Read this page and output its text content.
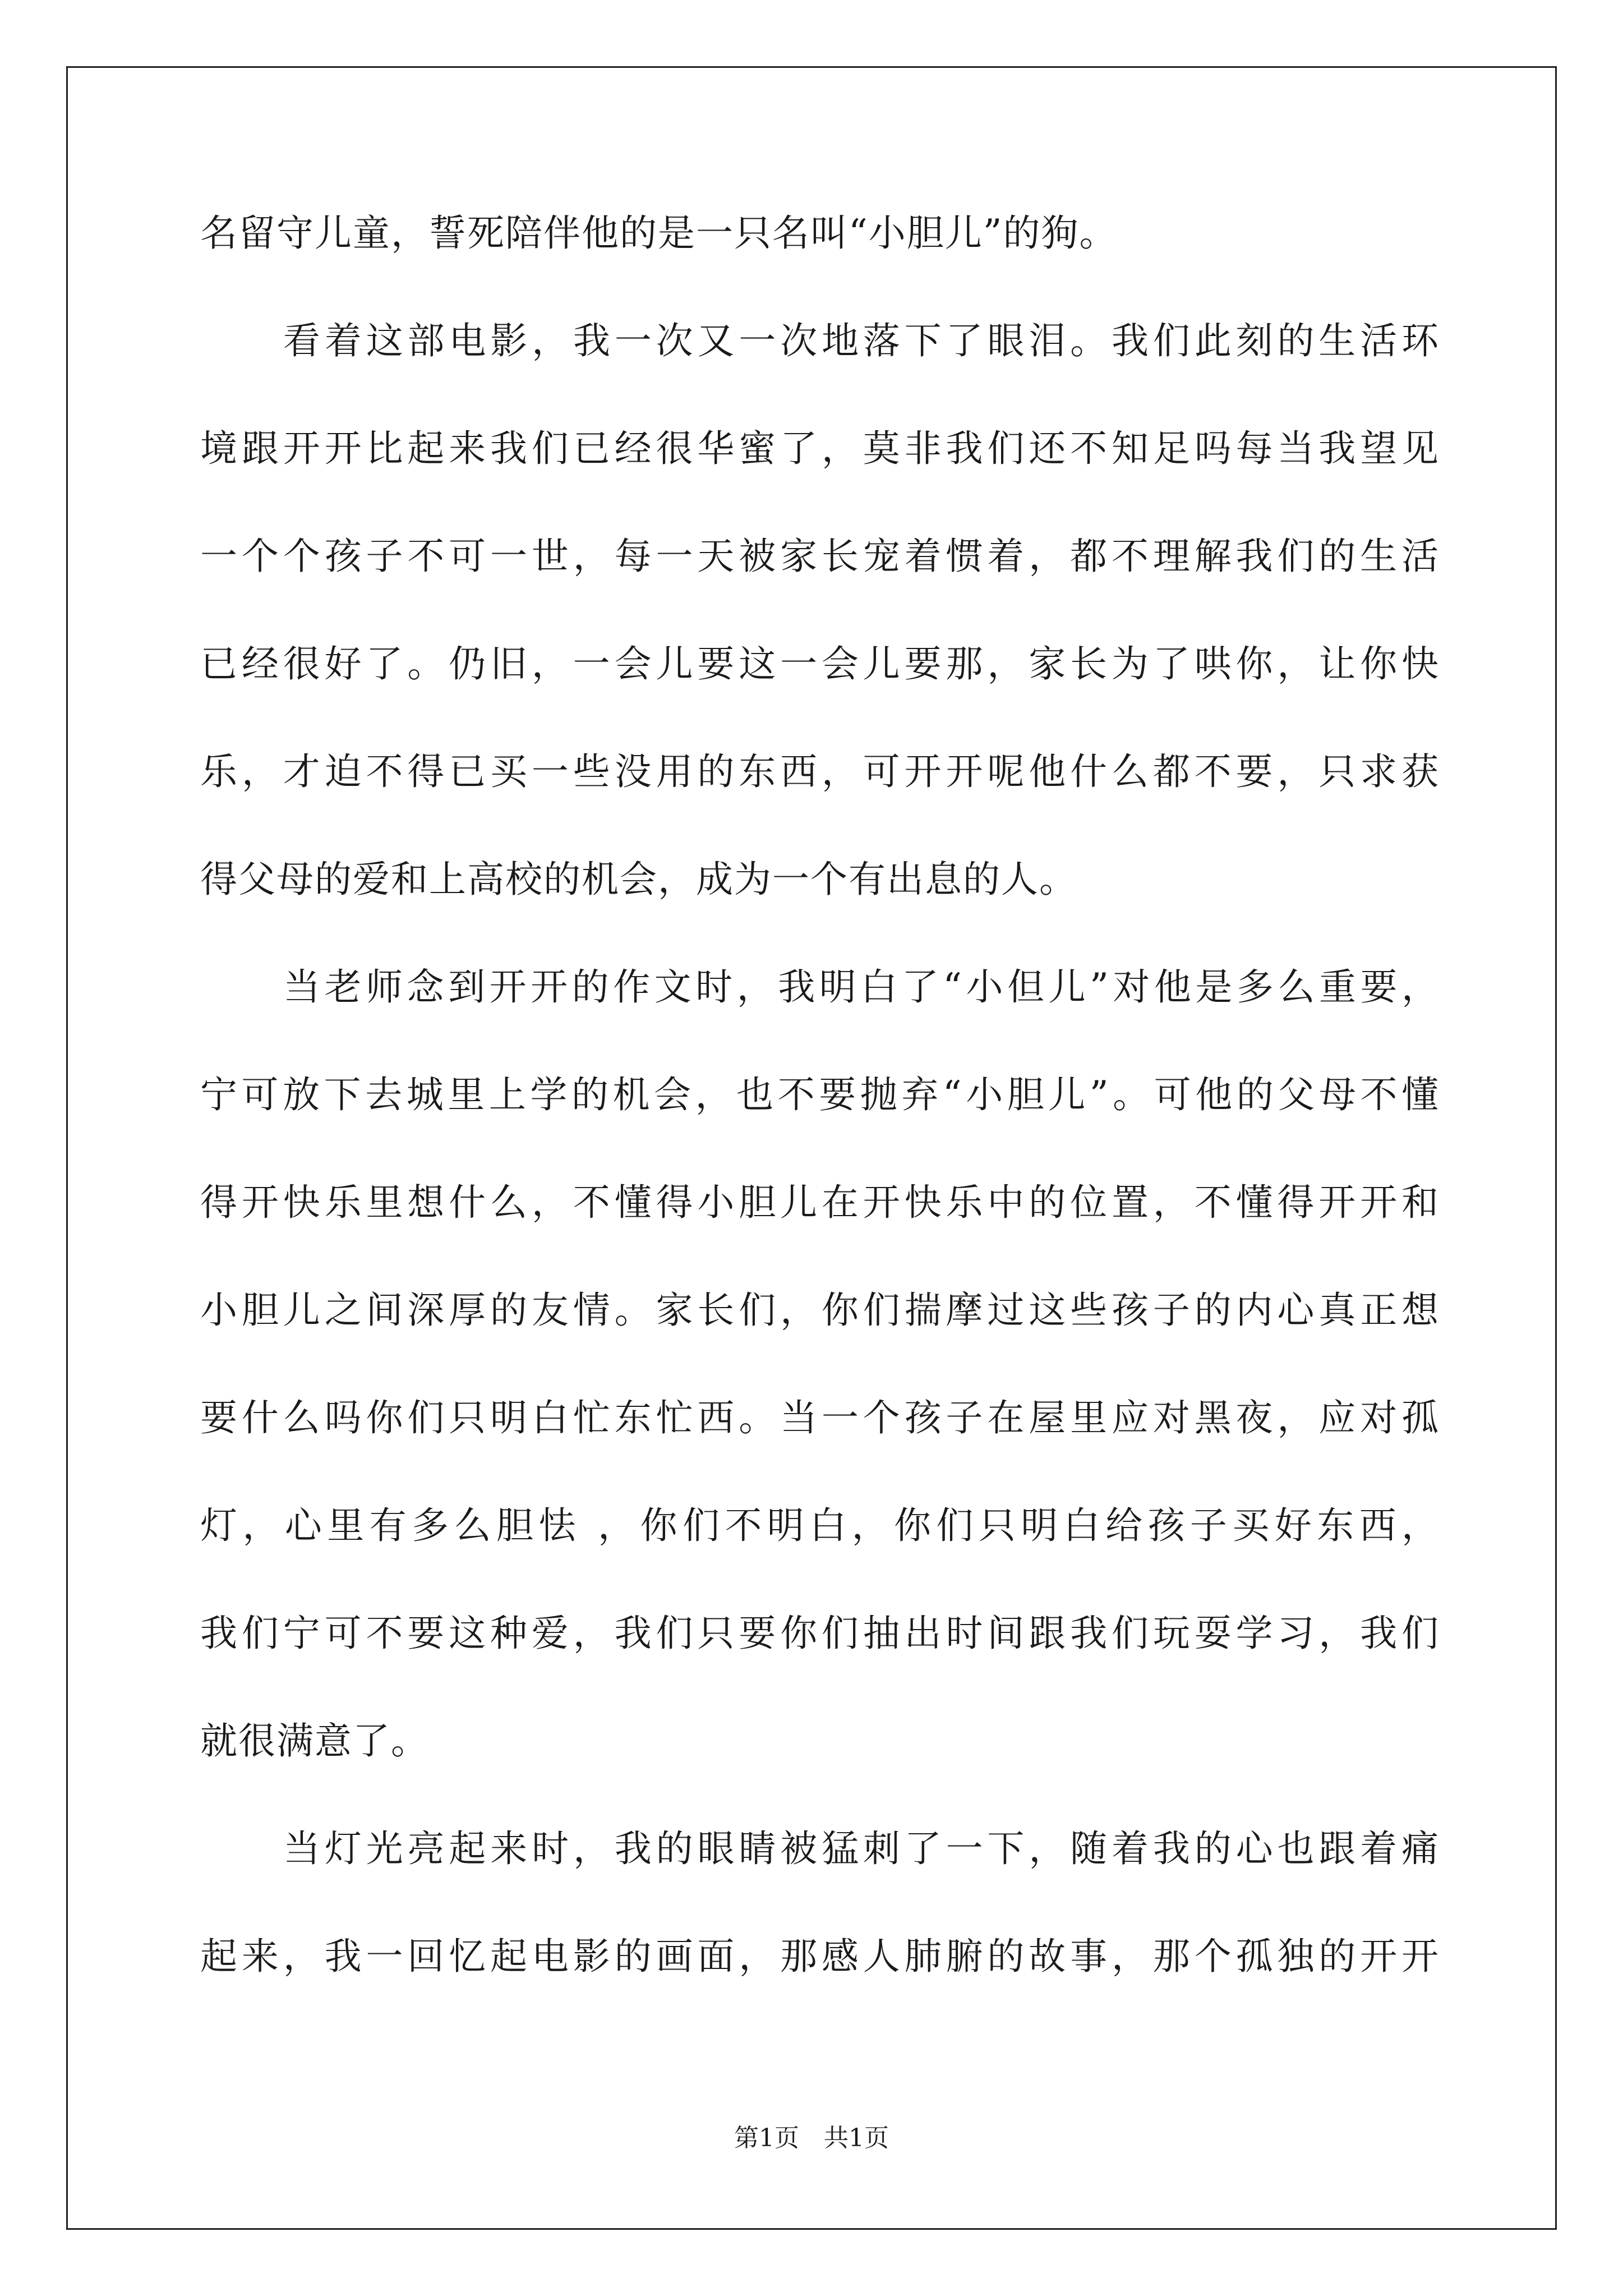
名留守儿童，誓死陪伴他的是一只名叫“小胆儿”的狗。
看着这部电影，我一次又一次地落下了眼泪。我们此刻的生活环
境跟开开比起来我们已经很华蜜了，莫非我们还不知足吗每当我望见
一个个孩子不可一世，每一天被家长宠着惯着，都不理解我们的生活
已经很好了。仍旧，一会儿要这一会儿要那，家长为了哄你，让你快
乐，才迫不得已买一些没用的东西，可开开呢他什么都不要，只求获
得父母的爱和上高校的机会，成为一个有出息的人。
当老师念到开开的作文时，我明白了“小但儿”对他是多么重要，
宁可放下去城里上学的机会，也不要抛弃“小胆儿”。可他的父母不懂
得开快乐里想什么，不懂得小胆儿在开快乐中的位置，不懂得开开和
小胆儿之间深厚的友情。家长们，你们揣摩过这些孩子的内心真正想
要什么吗你们只明白忙东忙西。当一个孩子在屋里应对黑夜，应对孤
灯，心里有多么胆怯 ，你们不明白，你们只明白给孩子买好东西，
我们宁可不要这种爱，我们只要你们抽出时间跟我们玩耍学习，我们
就很满意了。
当灯光亮起来时，我的眼睛被猛刺了一下，随着我的心也跟着痛
起来，我一回忆起电影的画面，那感人肺腑的故事，那个孤独的开开
第1页　共1页
